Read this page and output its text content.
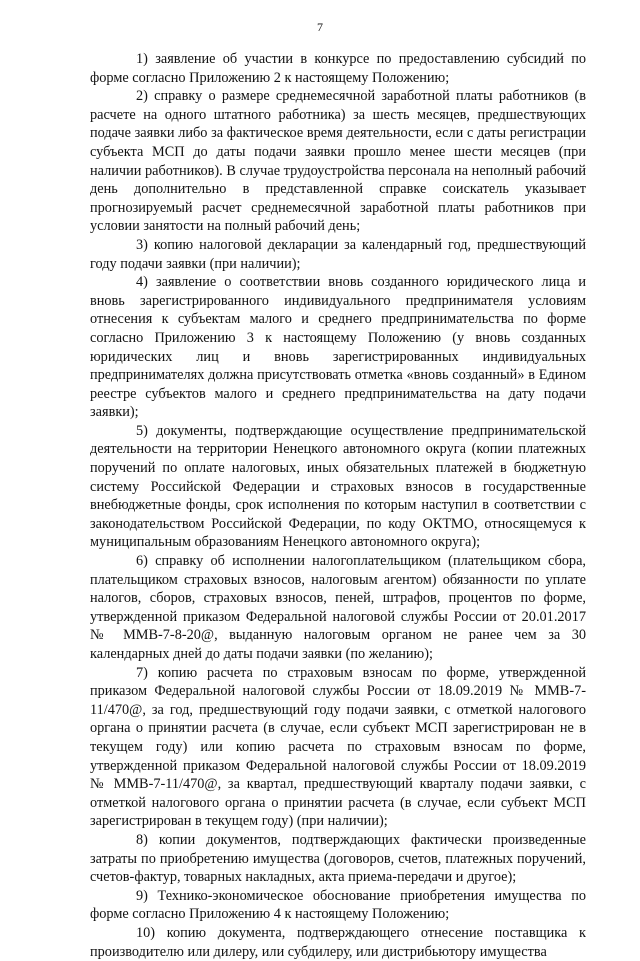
7

1) заявление об участии в конкурсе по предоставлению субсидий по форме согласно Приложению 2 к настоящему Положению;

2) справку о размере среднемесячной заработной платы работников (в расчете на одного штатного работника) за шесть месяцев, предшествующих подаче заявки либо за фактическое время деятельности, если с даты регистрации субъекта МСП до даты подачи заявки прошло менее шести месяцев (при наличии работников). В случае трудоустройства персонала на неполный рабочий день дополнительно в представленной справке соискатель указывает прогнозируемый расчет среднемесячной заработной платы работников при условии занятости на полный рабочий день;

3) копию налоговой декларации за календарный год, предшествующий году подачи заявки (при наличии);

4) заявление о соответствии вновь созданного юридического лица и вновь зарегистрированного индивидуального предпринимателя условиям отнесения к субъектам малого и среднего предпринимательства по форме согласно Приложению 3 к настоящему Положению (у вновь созданных юридических лиц и вновь зарегистрированных индивидуальных предпринимателях должна присутствовать отметка «вновь созданный» в Едином реестре субъектов малого и среднего предпринимательства на дату подачи заявки);

5) документы, подтверждающие осуществление предпринимательской деятельности на территории Ненецкого автономного округа (копии платежных поручений по оплате налоговых, иных обязательных платежей в бюджетную систему Российской Федерации и страховых взносов в государственные внебюджетные фонды, срок исполнения по которым наступил в соответствии с законодательством Российской Федерации, по коду ОКТМО, относящемуся к муниципальным образованиям Ненецкого автономного округа);

6) справку об исполнении налогоплательщиком (плательщиком сбора, плательщиком страховых взносов, налоговым агентом) обязанности по уплате налогов, сборов, страховых взносов, пеней, штрафов, процентов по форме, утвержденной приказом Федеральной налоговой службы России от 20.01.2017 № ММВ-7-8-20@, выданную налоговым органом не ранее чем за 30 календарных дней до даты подачи заявки (по желанию);

7) копию расчета по страховым взносам по форме, утвержденной приказом Федеральной налоговой службы России от 18.09.2019 № ММВ-7-11/470@, за год, предшествующий году подачи заявки, с отметкой налогового органа о принятии расчета (в случае, если субъект МСП зарегистрирован не в текущем году) или копию расчета по страховым взносам по форме, утвержденной приказом Федеральной налоговой службы России от 18.09.2019 № ММВ-7-11/470@, за квартал, предшествующий кварталу подачи заявки, с отметкой налогового органа о принятии расчета (в случае, если субъект МСП зарегистрирован в текущем году) (при наличии);

8) копии документов, подтверждающих фактически произведенные затраты по приобретению имущества (договоров, счетов, платежных поручений, счетов-фактур, товарных накладных, акта приема-передачи и другое);

9) Технико-экономическое обоснование приобретения имущества по форме согласно Приложению 4 к настоящему Положению;

10) копию документа, подтверждающего отнесение поставщика к производителю или дилеру, или субдилеру, или дистрибьютору имущества
